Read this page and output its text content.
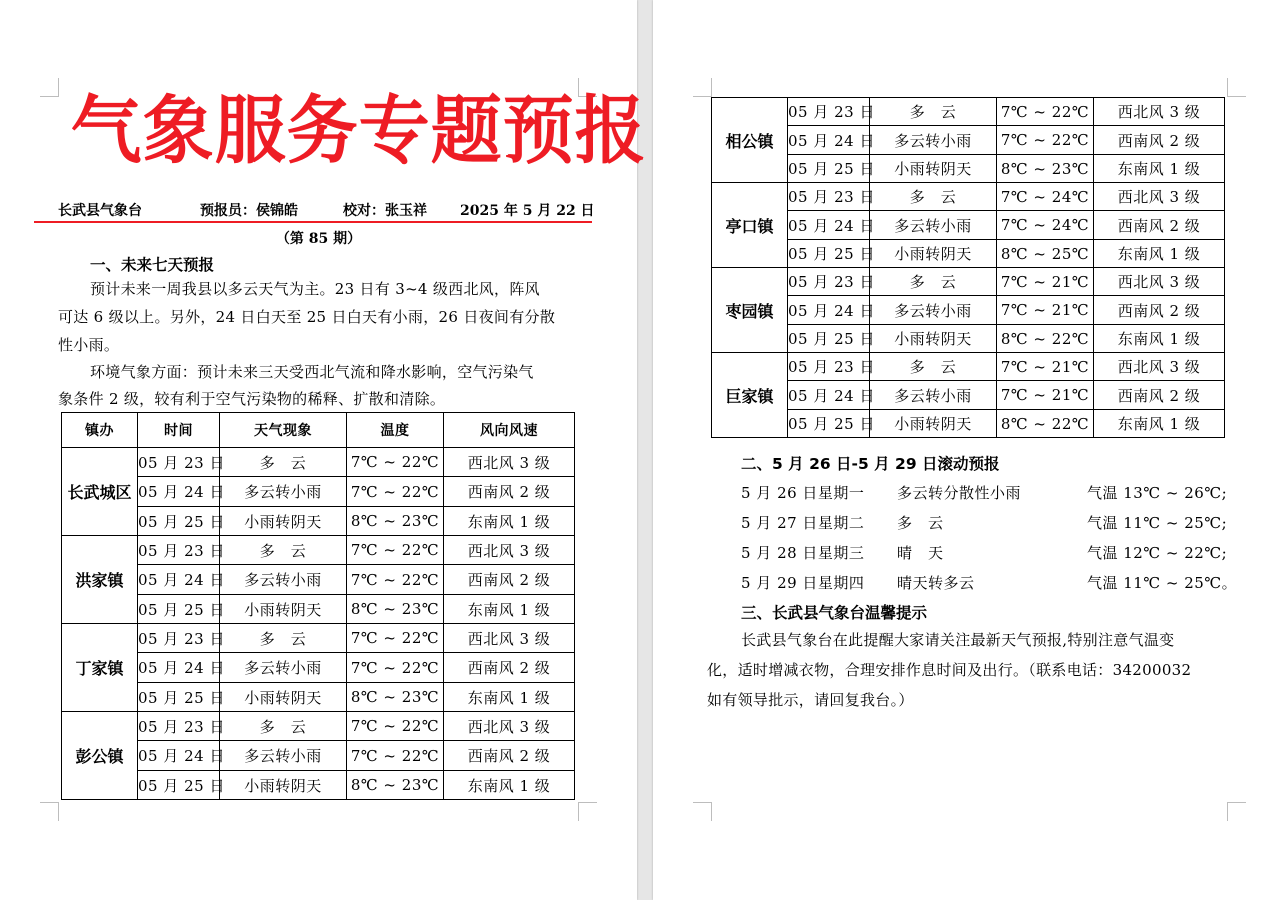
气象服务专题预报
长武县气象台	预报员：侯锦皓	校对：张玉祥 2025 年 5 月 22 日
（第 85 期）
一、未来七天预报
预计未来一周我县以多云天气为主。23 日有 3~4 级西北风，阵风
可达 6 级以上。另外，24 日白天至 25 日白天有小雨，26 日夜间有分散
性小雨。
环境气象方面：预计未来三天受西北气流和降水影响，空气污染气
象条件 2 级，较有利于空气污染物的稀释、扩散和清除。
镇办	时间	天气现象	温度	风向风速
长武城区	05 月 23 日	多　云	7℃ ~ 22℃	西北风 3 级
	05 月 24 日	多云转小雨	7℃ ~ 22℃	西南风 2 级
	05 月 25 日	小雨转阴天	8℃ ~ 23℃	东南风 1 级
洪家镇	05 月 23 日	多　云	7℃ ~ 22℃	西北风 3 级
	05 月 24 日	多云转小雨	7℃ ~ 22℃	西南风 2 级
	05 月 25 日	小雨转阴天	8℃ ~ 23℃	东南风 1 级
丁家镇	05 月 23 日	多　云	7℃ ~ 22℃	西北风 3 级
	05 月 24 日	多云转小雨	7℃ ~ 22℃	西南风 2 级
	05 月 25 日	小雨转阴天	8℃ ~ 23℃	东南风 1 级
彭公镇	05 月 23 日	多　云	7℃ ~ 22℃	西北风 3 级
	05 月 24 日	多云转小雨	7℃ ~ 22℃	西南风 2 级
	05 月 25 日	小雨转阴天	8℃ ~ 23℃	东南风 1 级
相公镇	05 月 23 日	多　云	7℃ ~ 22℃	西北风 3 级
	05 月 24 日	多云转小雨	7℃ ~ 22℃	西南风 2 级
	05 月 25 日	小雨转阴天	8℃ ~ 23℃	东南风 1 级
亭口镇	05 月 23 日	多　云	7℃ ~ 24℃	西北风 3 级
	05 月 24 日	多云转小雨	7℃ ~ 24℃	西南风 2 级
	05 月 25 日	小雨转阴天	8℃ ~ 25℃	东南风 1 级
枣园镇	05 月 23 日	多　云	7℃ ~ 21℃	西北风 3 级
	05 月 24 日	多云转小雨	7℃ ~ 21℃	西南风 2 级
	05 月 25 日	小雨转阴天	8℃ ~ 22℃	东南风 1 级
巨家镇	05 月 23 日	多　云	7℃ ~ 21℃	西北风 3 级
	05 月 24 日	多云转小雨	7℃ ~ 21℃	西南风 2 级
	05 月 25 日	小雨转阴天	8℃ ~ 22℃	东南风 1 级
二、5 月 26 日-5 月 29 日滚动预报
5 月 26 日星期一 多云转分散性小雨	气温 13℃ ~ 26℃;
5 月 27 日星期二 多　云	气温 11℃ ~ 25℃;
5 月 28 日星期三 晴　天	气温 12℃ ~ 22℃;
5 月 29 日星期四 晴天转多云	气温 11℃ ~ 25℃。
三、长武县气象台温馨提示
长武县气象台在此提醒大家请关注最新天气预报,特别注意气温变
化，适时增减衣物，合理安排作息时间及出行。（联系电话：34200032
如有领导批示，请回复我台。）
